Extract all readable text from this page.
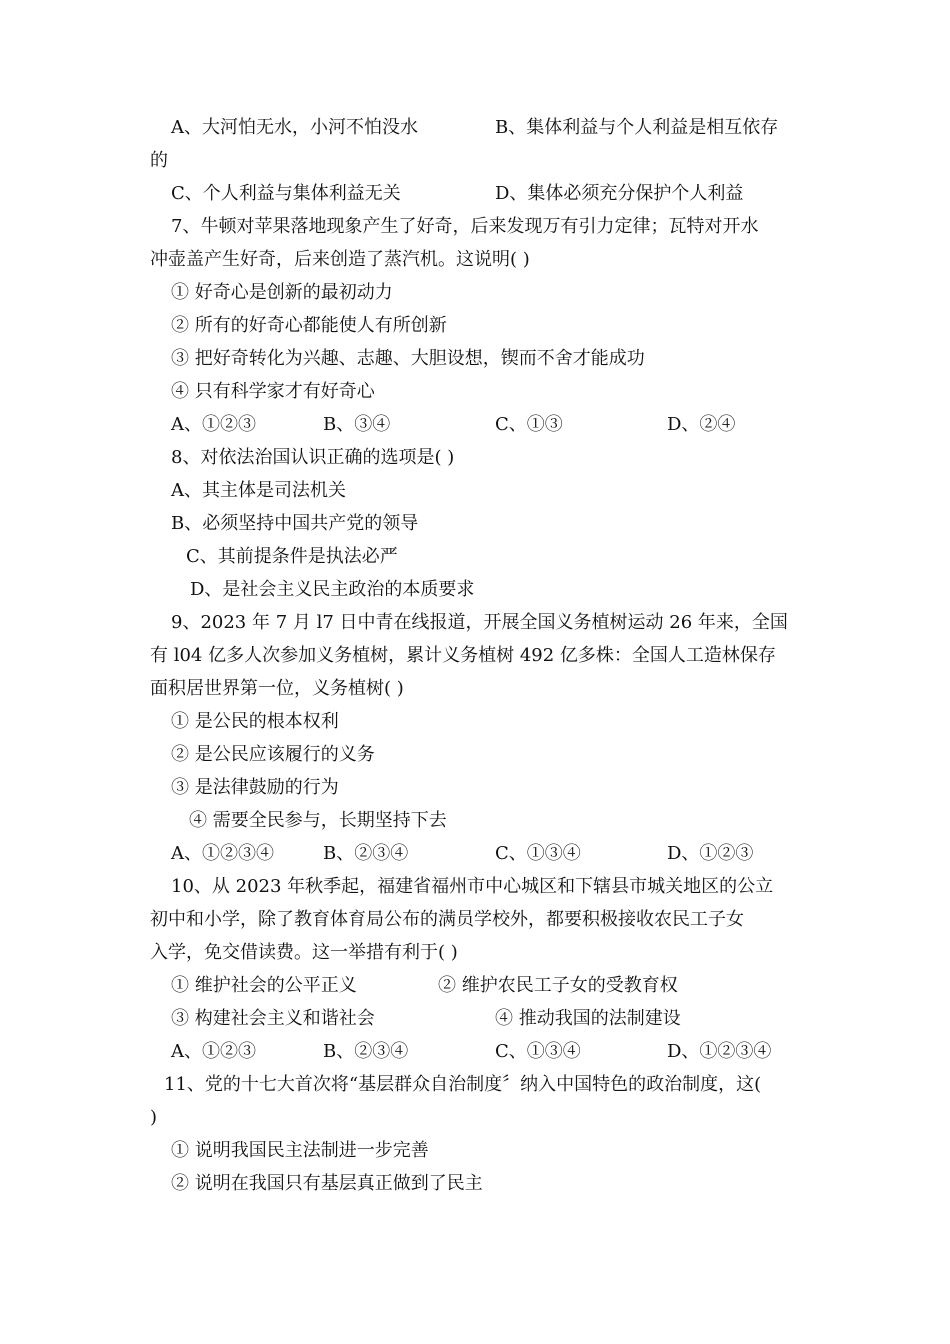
A、大河怕无水，小河不怕没水	B、集体利益与个人利益是相互依存
的
C、个人利益与集体利益无关	D、集体必须充分保护个人利益
7、牛顿对苹果落地现象产生了好奇，后来发现万有引力定律；瓦特对开水
冲壶盖产生好奇，后来创造了蒸汽机。这说明( )
① 好奇心是创新的最初动力
② 所有的好奇心都能使人有所创新
③ 把好奇转化为兴趣、志趣、大胆设想，锲而不舍才能成功
④ 只有科学家才有好奇心
A、①②③	B、③④	C、①③	D、②④
8、对依法治国认识正确的选项是( )
A、其主体是司法机关
B、必须坚持中国共产党的领导
C、其前提条件是执法必严
D、是社会主义民主政治的本质要求
9、2023 年 7 月 l7 日中青在线报道，开展全国义务植树运动 26 年来，全国
有 l04 亿多人次参加义务植树，累计义务植树 492 亿多株：全国人工造林保存
面积居世界第一位，义务植树( )
① 是公民的根本权利
② 是公民应该履行的义务
③ 是法律鼓励的行为
④ 需要全民参与，长期坚持下去
A、①②③④	B、②③④	C、①③④	D、①②③
10、从 2023 年秋季起，福建省福州市中心城区和下辖县市城关地区的公立
初中和小学，除了教育体育局公布的满员学校外，都要积极接收农民工子女
入学，免交借读费。这一举措有利于( )
① 维护社会的公平正义	② 维护农民工子女的受教育权
③ 构建社会主义和谐社会	④ 推动我国的法制建设
A、①②③	B、②③④	C、①③④	D、①②③④
11、党的十七大首次将“基层群众自治制度〞纳入中国特色的政治制度，这(
)
① 说明我国民主法制进一步完善
② 说明在我国只有基层真正做到了民主
